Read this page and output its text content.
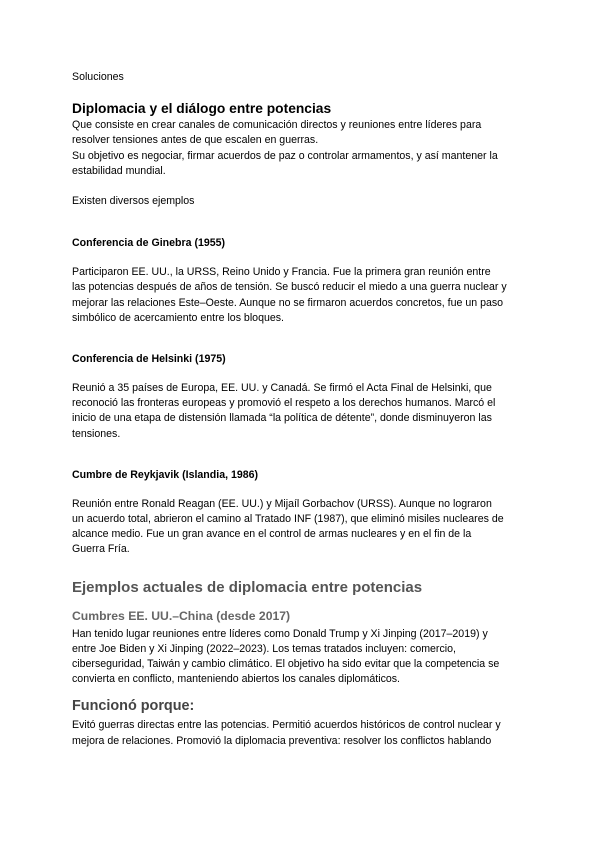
Soluciones

Diplomacia y el diálogo entre potencias

Que consiste en crear canales de comunicación directos y reuniones entre líderes para
resolver tensiones antes de que escalen en guerras.
Su objetivo es negociar, firmar acuerdos de paz o controlar armamentos, y así mantener la
estabilidad mundial.

Existen diversos ejemplos

Conferencia de Ginebra (1955)

Participaron EE. UU., la URSS, Reino Unido y Francia. Fue la primera gran reunión entre
las potencias después de años de tensión. Se buscó reducir el miedo a una guerra nuclear y
mejorar las relaciones Este–Oeste. Aunque no se firmaron acuerdos concretos, fue un paso
simbólico de acercamiento entre los bloques.

Conferencia de Helsinki (1975)

Reunió a 35 países de Europa, EE. UU. y Canadá. Se firmó el Acta Final de Helsinki, que
reconoció las fronteras europeas y promovió el respeto a los derechos humanos. Marcó el
inicio de una etapa de distensión llamada “la política de détente”, donde disminuyeron las
tensiones.

Cumbre de Reykjavik (Islandia, 1986)

Reunión entre Ronald Reagan (EE. UU.) y Mijaíl Gorbachov (URSS). Aunque no lograron
un acuerdo total, abrieron el camino al Tratado INF (1987), que eliminó misiles nucleares de
alcance medio. Fue un gran avance en el control de armas nucleares y en el fin de la
Guerra Fría.

Ejemplos actuales de diplomacia entre potencias
Cumbres EE. UU.–China (desde 2017)

Han tenido lugar reuniones entre líderes como Donald Trump y Xi Jinping (2017–2019) y
entre Joe Biden y Xi Jinping (2022–2023). Los temas tratados incluyen: comercio,
ciberseguridad, Taiwán y cambio climático. El objetivo ha sido evitar que la competencia se
convierta en conflicto, manteniendo abiertos los canales diplomáticos.

Funcionó porque:

Evitó guerras directas entre las potencias. Permitió acuerdos históricos de control nuclear y
mejora de relaciones. Promovió la diplomacia preventiva: resolver los conflictos hablando
